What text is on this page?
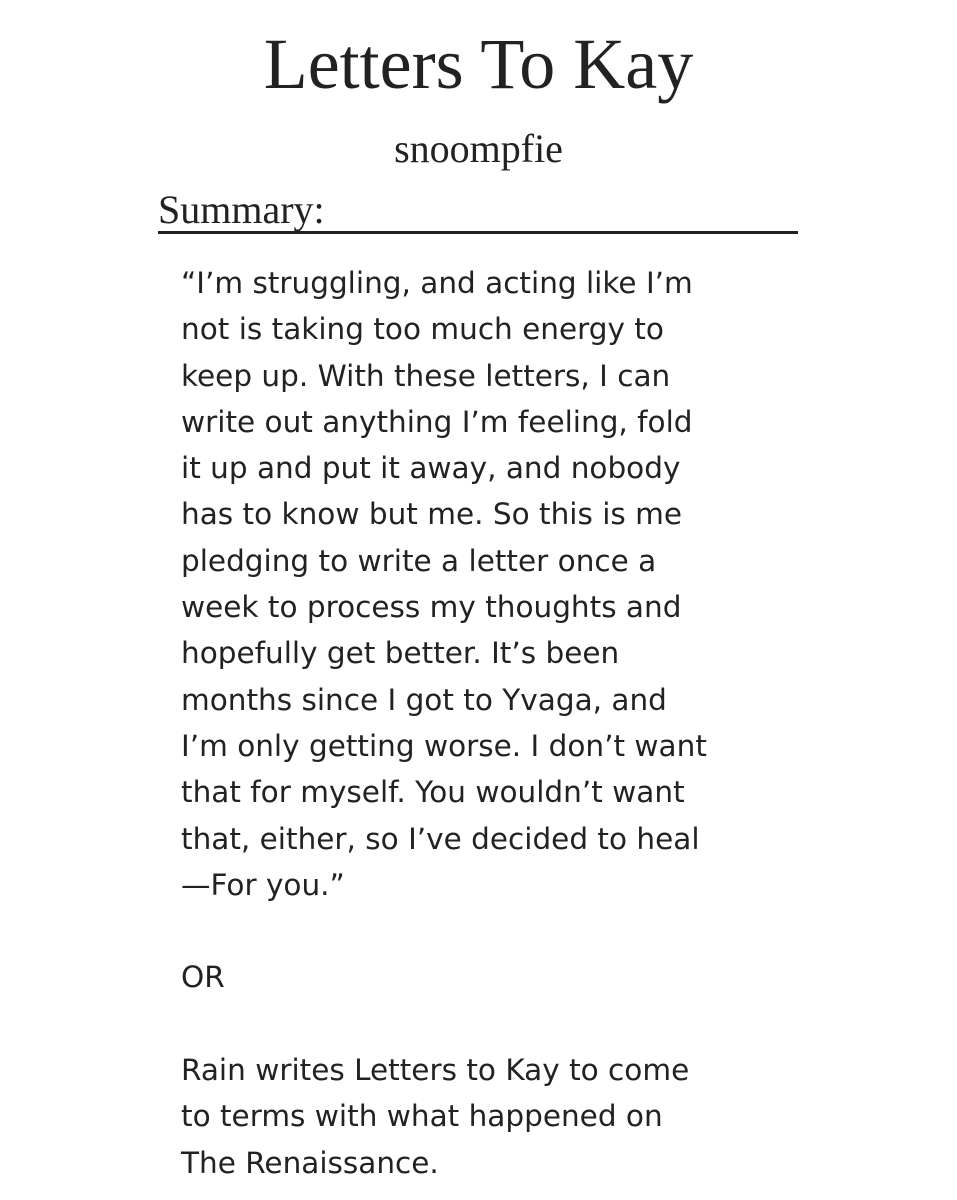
Letters To Kay
snoompfie
Summary:

“I’m struggling, and acting like I’m
not is taking too much energy to
keep up. With these letters, I can
write out anything I’m feeling, fold
it up and put it away, and nobody
has to know but me. So this is me
pledging to write a letter once a
week to process my thoughts and
hopefully get better. It’s been
months since I got to Yvaga, and
I’m only getting worse. I don’t want
that for myself. You wouldn’t want
that, either, so I’ve decided to heal
—For you.”

OR

Rain writes Letters to Kay to come
to terms with what happened on
The Renaissance.
